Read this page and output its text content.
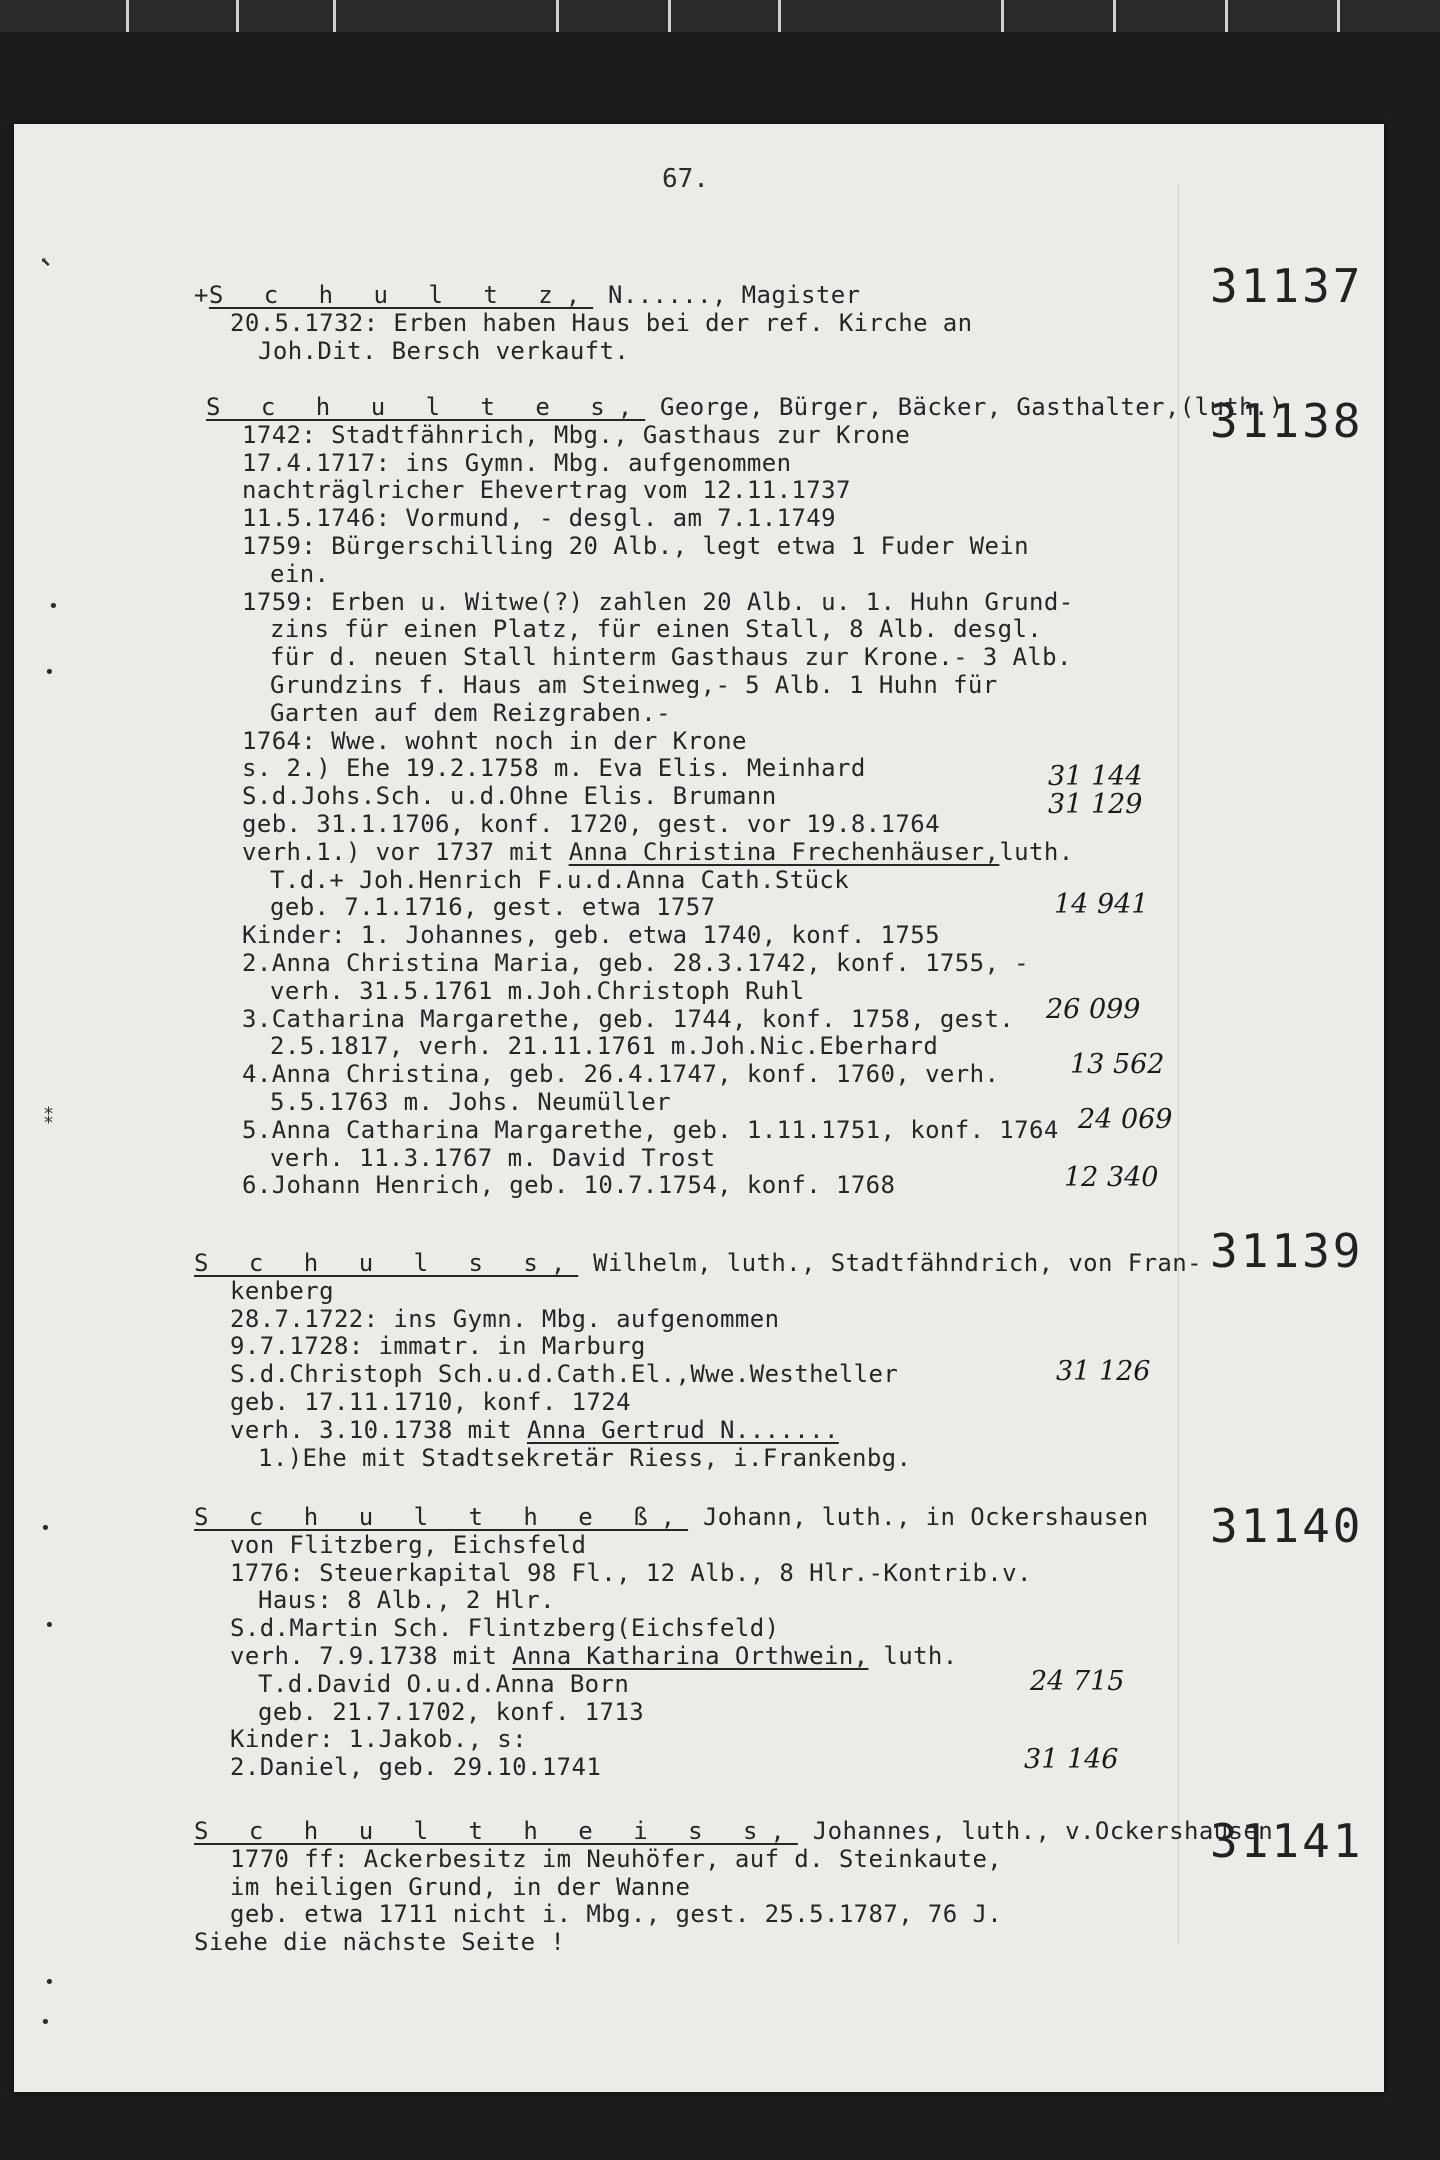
⬉
•
•
⁑
•
•
•
•
67.
31137
+S c h u l t z, N......, Magister
20.5.1732: Erben haben Haus bei der ref. Kirche an
Joh.Dit. Bersch verkauft.
31138
S c h u l t e s, George, Bürger, Bäcker, Gasthalter,(luth.)
1742: Stadtfähnrich, Mbg., Gasthaus zur Krone
17.4.1717: ins Gymn. Mbg. aufgenommen
nachträglricher Ehevertrag vom 12.11.1737
11.5.1746: Vormund, - desgl. am 7.1.1749
1759: Bürgerschilling 20 Alb., legt etwa 1 Fuder Wein
ein.
1759: Erben u. Witwe(?) zahlen 20 Alb. u. 1. Huhn Grund-
zins für einen Platz, für einen Stall, 8 Alb. desgl.
für d. neuen Stall hinterm Gasthaus zur Krone.- 3 Alb.
Grundzins f. Haus am Steinweg,- 5 Alb. 1 Huhn für
Garten auf dem Reizgraben.-
1764: Wwe. wohnt noch in der Krone
s. 2.) Ehe 19.2.1758 m. Eva Elis. Meinhard
S.d.Johs.Sch. u.d.Ohne Elis. Brumann
geb. 31.1.1706, konf. 1720, gest. vor 19.8.1764
verh.1.) vor 1737 mit Anna Christina Frechenhäuser,luth.
T.d.+ Joh.Henrich F.u.d.Anna Cath.Stück
geb. 7.1.1716, gest. etwa 1757
Kinder: 1. Johannes, geb. etwa 1740, konf. 1755
2.Anna Christina Maria, geb. 28.3.1742, konf. 1755, -
verh. 31.5.1761 m.Joh.Christoph Ruhl
3.Catharina Margarethe, geb. 1744, konf. 1758, gest.
2.5.1817, verh. 21.11.1761 m.Joh.Nic.Eberhard
4.Anna Christina, geb. 26.4.1747, konf. 1760, verh.
5.5.1763 m. Johs. Neumüller
5.Anna Catharina Margarethe, geb. 1.11.1751, konf. 1764
verh. 11.3.1767 m. David Trost
6.Johann Henrich, geb. 10.7.1754, konf. 1768
31 144
31 129
14 941
26 099
13 562
24 069
12 340
31139
S c h u l s s, Wilhelm, luth., Stadtfähndrich, von Fran-
kenberg
28.7.1722: ins Gymn. Mbg. aufgenommen
9.7.1728: immatr. in Marburg
S.d.Christoph Sch.u.d.Cath.El.,Wwe.Westheller
geb. 17.11.1710, konf. 1724
verh. 3.10.1738 mit Anna Gertrud N.......
1.)Ehe mit Stadtsekretär Riess, i.Frankenbg.
31 126
31140
S c h u l t h e ß, Johann, luth., in Ockershausen
von Flitzberg, Eichsfeld
1776: Steuerkapital 98 Fl., 12 Alb., 8 Hlr.-Kontrib.v.
Haus: 8 Alb., 2 Hlr.
S.d.Martin Sch. Flintzberg(Eichsfeld)
verh. 7.9.1738 mit Anna Katharina Orthwein, luth.
T.d.David O.u.d.Anna Born
geb. 21.7.1702, konf. 1713
Kinder: 1.Jakob., s:
2.Daniel, geb. 29.10.1741
24 715
31 146
31141
S c h u l t h e i s s, Johannes, luth., v.Ockershausen
1770 ff: Ackerbesitz im Neuhöfer, auf d. Steinkaute,
im heiligen Grund, in der Wanne
geb. etwa 1711 nicht i. Mbg., gest. 25.5.1787, 76 J.
Siehe die nächste Seite !
